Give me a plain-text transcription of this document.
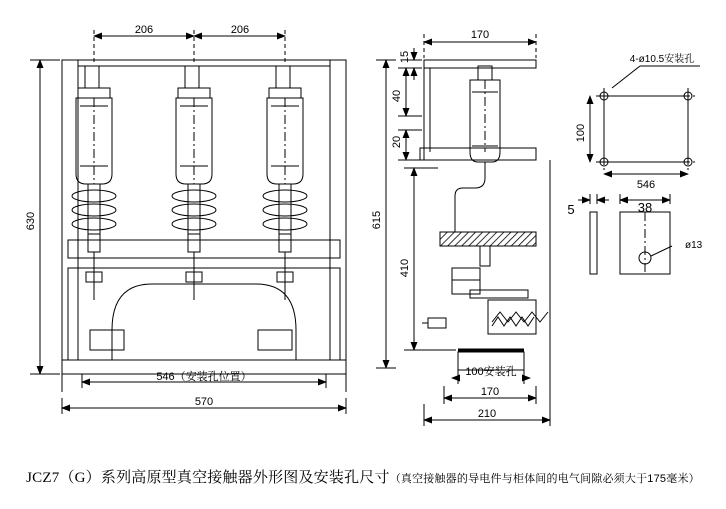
206	206
630
546（安装孔位置）
570
170
15
40
20
615
410
100安装孔
170
210
4-ø10.5安装孔
100
546
5	38
ø13
JCZ7（G）系列高原型真空接触器外形图及安装孔尺寸（真空接触器的导电件与柜体间的电气间隙必须大于175毫米）
